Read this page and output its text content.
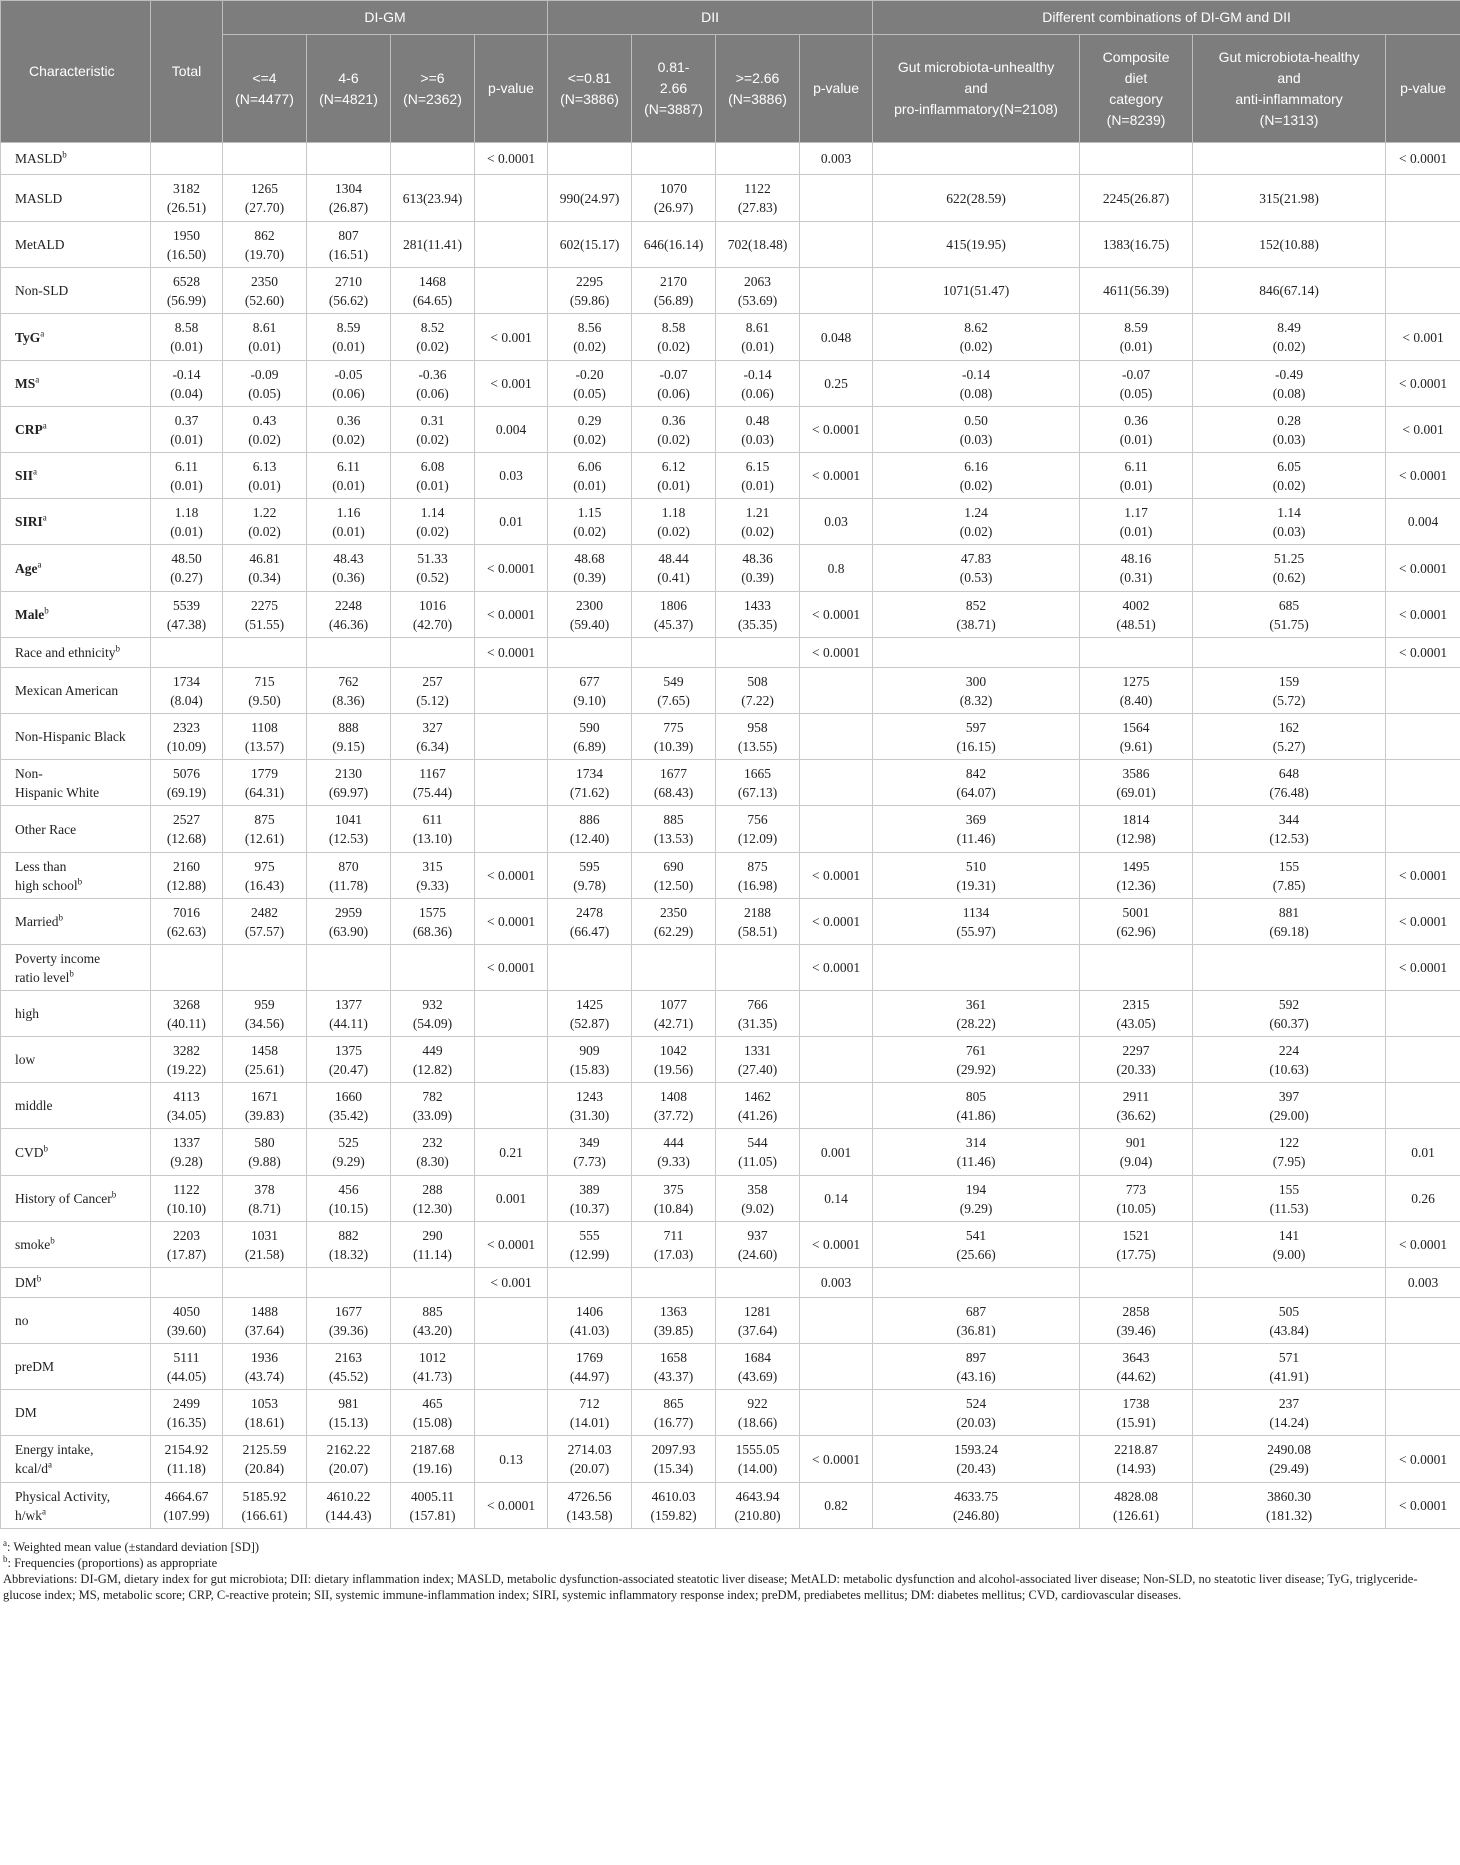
Characteristic	Total	DI-GM				DII				Different combinations of DI-GM and DII			
		<=4
(N=4477)	4-6
(N=4821)	>=6
(N=2362)	p-value	<=0.81
(N=3886)	0.81-
2.66
(N=3887)	>=2.66
(N=3886)	p-value	Gut microbiota-unhealthy
and
pro-inflammatory(N=2108)	Composite
diet
category
(N=8239)	Gut microbiota-healthy
and
anti-inflammatory
(N=1313)	p-value
MASLD$^b$					< 0.0001				0.003				< 0.0001
MASLD	3182
(26.51)	1265
(27.70)	1304
(26.87)	613(23.94)		990(24.97)	1070
(26.97)	1122
(27.83)		622(28.59)	2245(26.87)	315(21.98)	
MetALD	1950
(16.50)	862
(19.70)	807
(16.51)	281(11.41)		602(15.17)	646(16.14)	702(18.48)		415(19.95)	1383(16.75)	152(10.88)	
Non-SLD	6528
(56.99)	2350
(52.60)	2710
(56.62)	1468
(64.65)		2295
(59.86)	2170
(56.89)	2063
(53.69)		1071(51.47)	4611(56.39)	846(67.14)	
TyG$^a$	8.58
(0.01)	8.61
(0.01)	8.59
(0.01)	8.52
(0.02)	< 0.001	8.56
(0.02)	8.58
(0.02)	8.61
(0.01)	0.048	8.62
(0.02)	8.59
(0.01)	8.49
(0.02)	< 0.001
$MS^a$	-0.14
(0.04)	-0.09
(0.05)	-0.05
(0.06)	-0.36
(0.06)	< 0.001	-0.20
(0.05)	-0.07
(0.06)	-0.14
(0.06)	0.25	-0.14
(0.08)	-0.07
(0.05)	-0.49
(0.08)	< 0.0001
CRP$^a$	0.37
(0.01)	0.43
(0.02)	0.36
(0.02)	0.31
(0.02)	0.004	0.29
(0.02)	0.36
(0.02)	0.48
(0.03)	< 0.0001	0.50
(0.03)	0.36
(0.01)	0.28
(0.03)	< 0.001
SII$^a$	6.11
(0.01)	6.13
(0.01)	6.11
(0.01)	6.08
(0.01)	0.03	6.06
(0.01)	6.12
(0.01)	6.15
(0.01)	< 0.0001	6.16
(0.02)	6.11
(0.01)	6.05
(0.02)	< 0.0001
SIRI$^a$	1.18
(0.01)	1.22
(0.02)	1.16
(0.01)	1.14
(0.02)	0.01	1.15
(0.02)	1.18
(0.02)	1.21
(0.02)	0.03	1.24
(0.02)	1.17
(0.01)	1.14
(0.03)	0.004
Age$^a$	48.50
(0.27)	46.81
(0.34)	48.43
(0.36)	51.33
(0.52)	< 0.0001	48.68
(0.39)	48.44
(0.41)	48.36
(0.39)	0.8	47.83
(0.53)	48.16
(0.31)	51.25
(0.62)	< 0.0001
Male$^b$	5539
(47.38)	2275
(51.55)	2248
(46.36)	1016
(42.70)	< 0.0001	2300
(59.40)	1806
(45.37)	1433
(35.35)	< 0.0001	852
(38.71)	4002
(48.51)	685
(51.75)	< 0.0001
Race and ethnicity$^b$					< 0.0001				< 0.0001				< 0.0001
Mexican American	1734
(8.04)	715
(9.50)	762
(8.36)	257
(5.12)		677
(9.10)	549
(7.65)	508
(7.22)		300
(8.32)	1275
(8.40)	159
(5.72)	
Non-Hispanic Black	2323
(10.09)	1108
(13.57)	888
(9.15)	327
(6.34)		590
(6.89)	775
(10.39)	958
(13.55)		597
(16.15)	1564
(9.61)	162
(5.27)	
Non-
Hispanic White	5076
(69.19)	1779
(64.31)	2130
(69.97)	1167
(75.44)		1734
(71.62)	1677
(68.43)	1665
(67.13)		842
(64.07)	3586
(69.01)	648
(76.48)	
Other Race	2527
(12.68)	875
(12.61)	1041
(12.53)	611
(13.10)		886
(12.40)	885
(13.53)	756
(12.09)		369
(11.46)	1814
(12.98)	344
(12.53)	
Less than
high school$^b$	2160
(12.88)	975
(16.43)	870
(11.78)	315
(9.33)	< 0.0001	595
(9.78)	690
(12.50)	875
(16.98)	< 0.0001	510
(19.31)	1495
(12.36)	155
(7.85)	< 0.0001
Married$^b$	7016
(62.63)	2482
(57.57)	2959
(63.90)	1575
(68.36)	< 0.0001	2478
(66.47)	2350
(62.29)	2188
(58.51)	< 0.0001	1134
(55.97)	5001
(62.96)	881
(69.18)	< 0.0001
Poverty income
ratio level$^b$					< 0.0001				< 0.0001				< 0.0001
high	3268
(40.11)	959
(34.56)	1377
(44.11)	932
(54.09)		1425
(52.87)	1077
(42.71)	766
(31.35)		361
(28.22)	2315
(43.05)	592
(60.37)	
low	3282
(19.22)	1458
(25.61)	1375
(20.47)	449
(12.82)		909
(15.83)	1042
(19.56)	1331
(27.40)		761
(29.92)	2297
(20.33)	224
(10.63)	
middle	4113
(34.05)	1671
(39.83)	1660
(35.42)	782
(33.09)		1243
(31.30)	1408
(37.72)	1462
(41.26)		805
(41.86)	2911
(36.62)	397
(29.00)	
CVD$^b$	1337
(9.28)	580
(9.88)	525
(9.29)	232
(8.30)	0.21	349
(7.73)	444
(9.33)	544
(11.05)	0.001	314
(11.46)	901
(9.04)	122
(7.95)	0.01
History of Cancer$^b$	1122
(10.10)	378
(8.71)	456
(10.15)	288
(12.30)	0.001	389
(10.37)	375
(10.84)	358
(9.02)	0.14	194
(9.29)	773
(10.05)	155
(11.53)	0.26
smoke$^b$	2203
(17.87)	1031
(21.58)	882
(18.32)	290
(11.14)	< 0.0001	555
(12.99)	711
(17.03)	937
(24.60)	< 0.0001	541
(25.66)	1521
(17.75)	141
(9.00)	< 0.0001
$DM^b$					< 0.001				0.003				0.003
no	4050
(39.60)	1488
(37.64)	1677
(39.36)	885
(43.20)		1406
(41.03)	1363
(39.85)	1281
(37.64)		687
(36.81)	2858
(39.46)	505
(43.84)	
preDM	5111
(44.05)	1936
(43.74)	2163
(45.52)	1012
(41.73)		1769
(44.97)	1658
(43.37)	1684
(43.69)		897
(43.16)	3643
(44.62)	571
(41.91)	
DM	2499
(16.35)	1053
(18.61)	981
(15.13)	465
(15.08)		712
(14.01)	865
(16.77)	922
(18.66)		524
(20.03)	1738
(15.91)	237
(14.24)	
Energy intake,
kcal/$d^a$	2154.92
(11.18)	2125.59
(20.84)	2162.22
(20.07)	2187.68
(19.16)	0.13	2714.03
(20.07)	2097.93
(15.34)	1555.05
(14.00)	< 0.0001	1593.24
(20.43)	2218.87
(14.93)	2490.08
(29.49)	< 0.0001
Physical Activity,
$h/wk^a$	4664.67
(107.99)	5185.92
(166.61)	4610.22
(144.43)	4005.11
(157.81)	< 0.0001	4726.56
(143.58)	4610.03
(159.82)	4643.94
(210.80)	0.82	4633.75
(246.80)	4828.08
(126.61)	3860.30
(181.32)	< 0.0001
$^a$: Weighted mean value (±standard deviation [SD])
$^b$: Frequencies (proportions) as appropriate
Abbreviations: DI-GM, dietary index for gut microbiota; DII: dietary inflammation index; MASLD, metabolic dysfunction-associated steatotic liver disease; MetALD: metabolic dysfunction and alcohol-associated liver disease; Non-SLD, no steatotic liver disease; TyG, triglyceride- glucose index; MS, metabolic score; CRP, C-reactive protein; SII, systemic immune-inflammation index; SIRI, systemic inflammatory response index; preDM, prediabetes mellitus; DM: diabetes mellitus; CVD, cardiovascular diseases.
